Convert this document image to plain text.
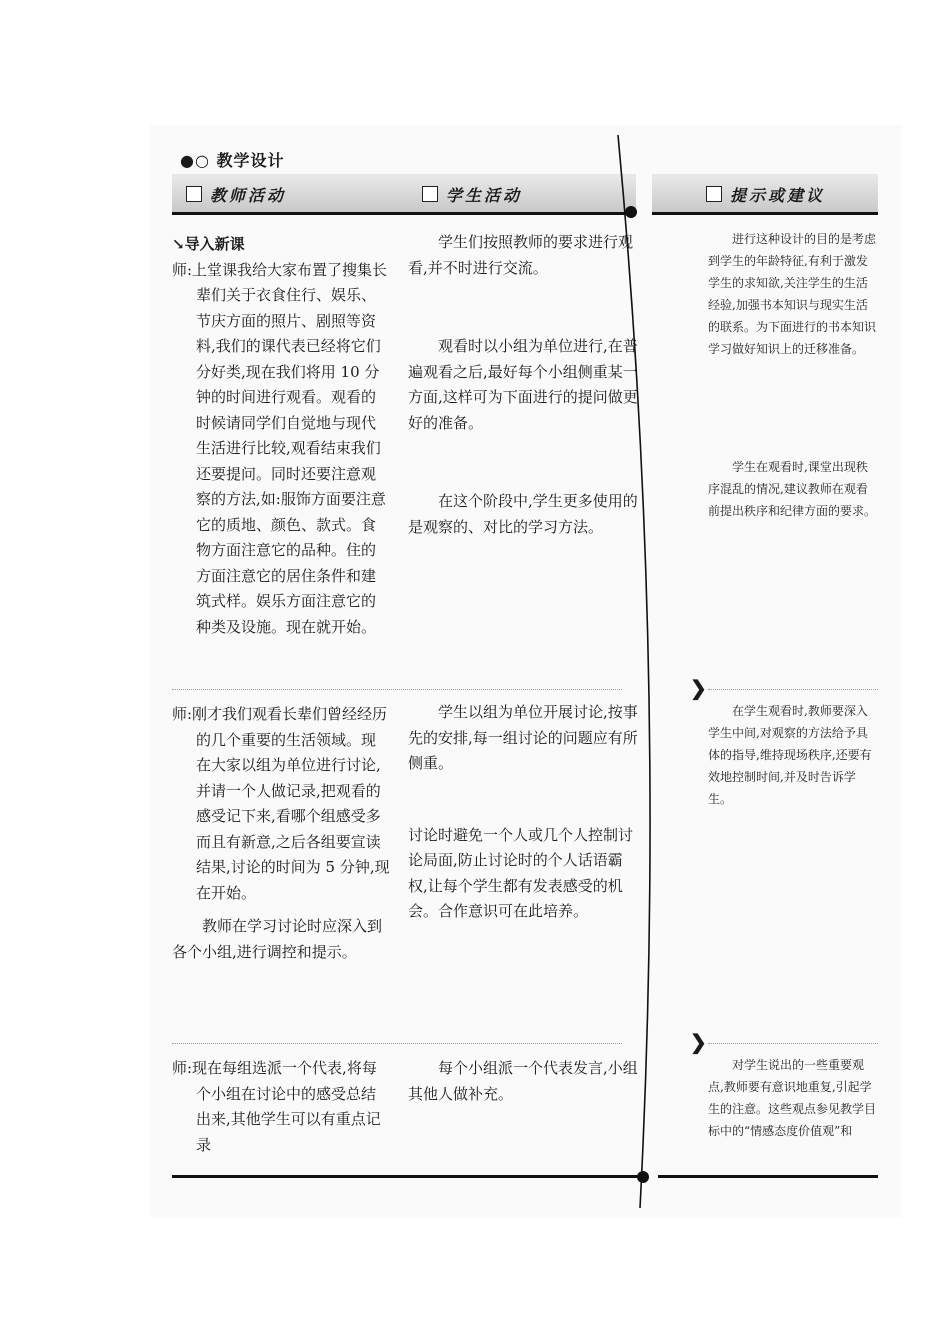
●○ 教学设计
教师活动	学生活动	提示或建议
↘导入新课

师:上堂课我给大家布置了搜集长辈们关于衣食住行、娱乐、节庆方面的照片、剧照等资料,我们的课代表已经将它们分好类,现在我们将用 10 分钟的时间进行观看。观看的时候请同学们自觉地与现代生活进行比较,观看结束我们还要提问。同时还要注意观察的方法,如:服饰方面要注意它的质地、颜色、款式。食物方面注意它的品种。住的方面注意它的居住条件和建筑式样。娱乐方面注意它的种类及设施。现在就开始。

学生们按照教师的要求进行观看,并不时进行交流。

观看时以小组为单位进行,在普遍观看之后,最好每个小组侧重某一方面,这样可为下面进行的提问做更好的准备。

在这个阶段中,学生更多使用的是观察的、对比的学习方法。

进行这种设计的目的是考虑到学生的年龄特征,有利于激发学生的求知欲,关注学生的生活经验,加强书本知识与现实生活的联系。为下面进行的书本知识学习做好知识上的迁移准备。

学生在观看时,课堂出现秩序混乱的情况,建议教师在观看前提出秩序和纪律方面的要求。

❯

师:刚才我们观看长辈们曾经经历的几个重要的生活领域。现在大家以组为单位进行讨论,并请一个人做记录,把观看的感受记下来,看哪个组感受多而且有新意,之后各组要宣读结果,讨论的时间为 5 分钟,现在开始。

教师在学习讨论时应深入到各个小组,进行调控和提示。

学生以组为单位开展讨论,按事先的安排,每一组讨论的问题应有所侧重。

讨论时避免一个人或几个人控制讨论局面,防止讨论时的个人话语霸权,让每个学生都有发表感受的机会。合作意识可在此培养。

在学生观看时,教师要深入学生中间,对观察的方法给予具体的指导,维持现场秩序,还要有效地控制时间,并及时告诉学生。

❯

师:现在每组选派一个代表,将每个小组在讨论中的感受总结出来,其他学生可以有重点记录

每个小组派一个代表发言,小组其他人做补充。

对学生说出的一些重要观点,教师要有意识地重复,引起学生的注意。这些观点参见教学目标中的“情感态度价值观”和
